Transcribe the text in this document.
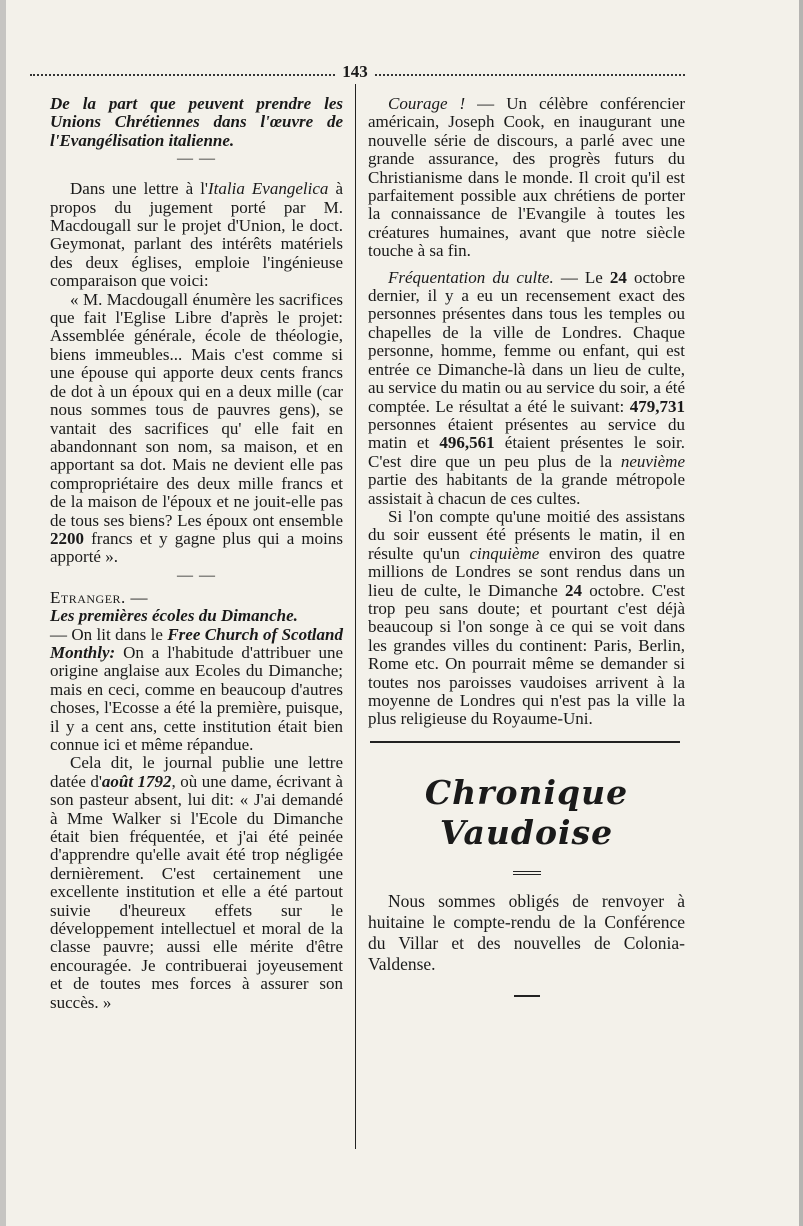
143

De la part que peuvent prendre les Unions Chrétiennes dans l'œuvre de l'Evangélisation italienne.

— —

Dans une lettre à l'Italia Evangelica à propos du jugement porté par M. Macdougall sur le projet d'Union, le doct. Geymonat, parlant des intérêts matériels des deux églises, emploie l'ingénieuse comparaison que voici:

« M. Macdougall énumère les sacrifices que fait l'Eglise Libre d'après le projet: Assemblée générale, école de théologie, biens immeubles... Mais c'est comme si une épouse qui apporte deux cents francs de dot à un époux qui en a deux mille (car nous sommes tous de pauvres gens), se vantait des sacrifices qu' elle fait en abandonnant son nom, sa maison, et en apportant sa dot. Mais ne devient elle pas compropriétaire des deux mille francs et de la maison de l'époux et ne jouit-elle pas de tous ses biens? Les époux ont ensemble 2200 francs et y gagne plus qui a moins apporté ».

— —

Etranger. —

Les premières écoles du Dimanche.

— On lit dans le Free Church of Scotland Monthly: On a l'habitude d'attribuer une origine anglaise aux Ecoles du Dimanche; mais en ceci, comme en beaucoup d'autres choses, l'Ecosse a été la première, puisque, il y a cent ans, cette institution était bien connue ici et même répandue.

Cela dit, le journal publie une lettre datée d'août 1792, où une dame, écrivant à son pasteur absent, lui dit: « J'ai demandé à Mme Walker si l'Ecole du Dimanche était bien fréquentée, et j'ai été peinée d'apprendre qu'elle avait été trop négligée dernièrement. C'est certainement une excellente institution et elle a été partout suivie d'heureux effets sur le développement intellectuel et moral de la classe pauvre; aussi elle mérite d'être encouragée. Je contribuerai joyeusement et de toutes mes forces à assurer son succès. »

Courage ! — Un célèbre conférencier américain, Joseph Cook, en inaugurant une nouvelle série de discours, a parlé avec une grande assurance, des progrès futurs du Christianisme dans le monde. Il croit qu'il est parfaitement possible aux chrétiens de porter la connaissance de l'Evangile à toutes les créatures humaines, avant que notre siècle touche à sa fin.

Fréquentation du culte. — Le 24 octobre dernier, il y a eu un recensement exact des personnes présentes dans tous les temples ou chapelles de la ville de Londres. Chaque personne, homme, femme ou enfant, qui est entrée ce Dimanche-là dans un lieu de culte, au service du matin ou au service du soir, a été comptée. Le résultat a été le suivant: 479,731 personnes étaient présentes au service du matin et 496,561 étaient présentes le soir. C'est dire que un peu plus de la neuvième partie des habitants de la grande métropole assistait à chacun de ces cultes.

Si l'on compte qu'une moitié des assistans du soir eussent été présents le matin, il en résulte qu'un cinquième environ des quatre millions de Londres se sont rendus dans un lieu de culte, le Dimanche 24 octobre. C'est trop peu sans doute; et pourtant c'est déjà beaucoup si l'on songe à ce qui se voit dans les grandes villes du continent: Paris, Berlin, Rome etc. On pourrait même se demander si toutes nos paroisses vaudoises arrivent à la moyenne de Londres qui n'est pas la ville la plus religieuse du Royaume-Uni.

Chronique Vaudoise

Nous sommes obligés de renvoyer à huitaine le compte-rendu de la Conférence du Villar et des nouvelles de Colonia-Valdense.
